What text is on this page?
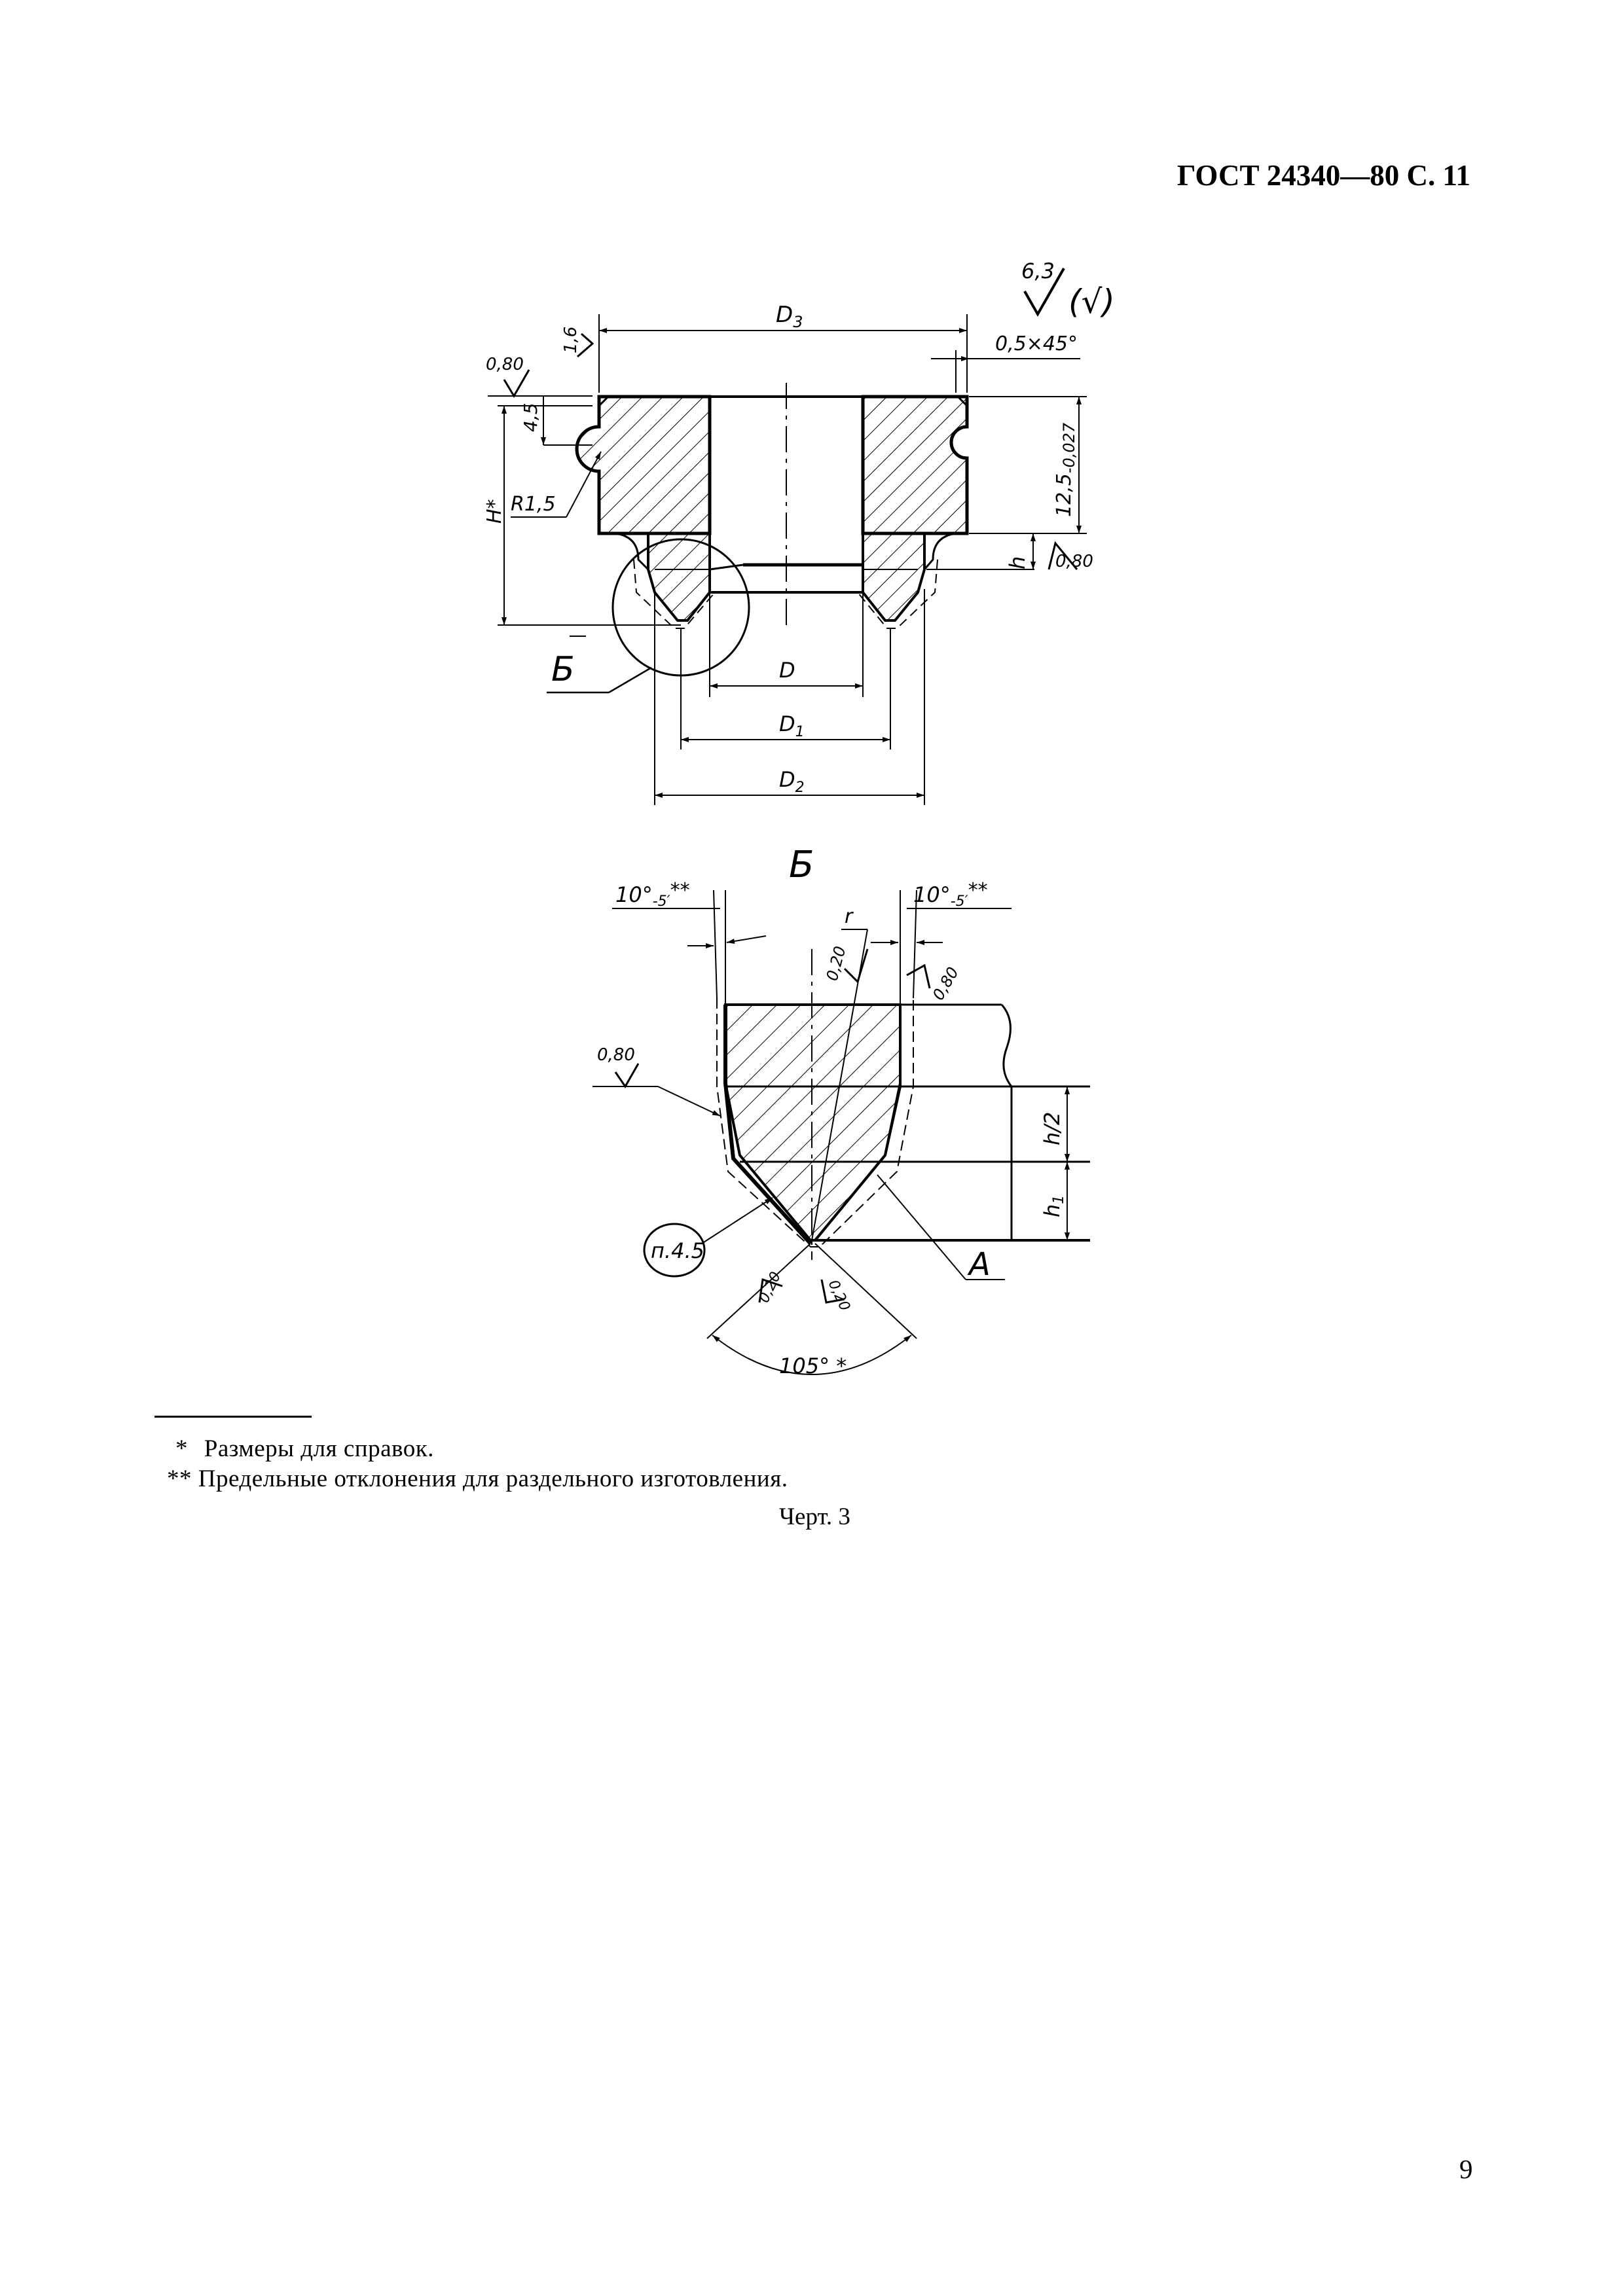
ГОСТ 24340—80 С. 11
Б
$D_3$
6,3
(√)
0,5×45°
1,6
0,80
4,5
H* R1,5	$12,5_{-0,027}$
h 0,80
D
$D_1$
$D_2$
Б
10°-5′**	10°-5′**
r
0,20
0,80
0,80
h/2
h1
п.4.5	A
0,20	0,20
105° *
* Размеры для справок.
** Предельные отклонения для раздельного изготовления.
Черт. 3
9
